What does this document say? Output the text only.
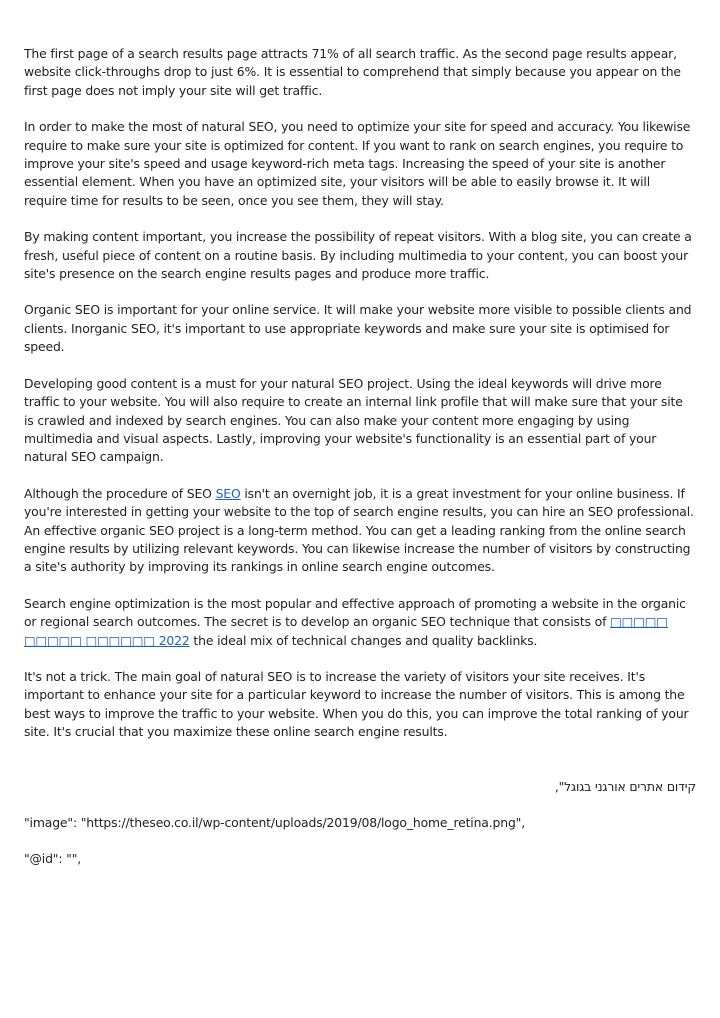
The first page of a search results page attracts 71% of all search traffic. As the second page results appear, website click-throughs drop to just 6%. It is essential to comprehend that simply because you appear on the first page does not imply your site will get traffic.

In order to make the most of natural SEO, you need to optimize your site for speed and accuracy. You likewise require to make sure your site is optimized for content. If you want to rank on search engines, you require to improve your site's speed and usage keyword-rich meta tags. Increasing the speed of your site is another essential element. When you have an optimized site, your visitors will be able to easily browse it. It will require time for results to be seen, once you see them, they will stay.

By making content important, you increase the possibility of repeat visitors. With a blog site, you can create a fresh, useful piece of content on a routine basis. By including multimedia to your content, you can boost your site's presence on the search engine results pages and produce more traffic.

Organic SEO is important for your online service. It will make your website more visible to possible clients and clients. Inorganic SEO, it's important to use appropriate keywords and make sure your site is optimised for speed.

Developing good content is a must for your natural SEO project. Using the ideal keywords will drive more traffic to your website. You will also require to create an internal link profile that will make sure that your site is crawled and indexed by search engines. You can also make your content more engaging by using multimedia and visual aspects. Lastly, improving your website's functionality is an essential part of your natural SEO campaign.

Although the procedure of SEO SEO isn't an overnight job, it is a great investment for your online business. If you're interested in getting your website to the top of search engine results, you can hire an SEO professional. An effective organic SEO project is a long-term method. You can get a leading ranking from the online search engine results by utilizing relevant keywords. You can likewise increase the number of visitors by constructing a site's authority by improving its rankings in online search engine outcomes.

Search engine optimization is the most popular and effective approach of promoting a website in the organic or regional search outcomes. The secret is to develop an organic SEO technique that consists of □□□□□ □□□□□ □□□□□□ 2022 the ideal mix of technical changes and quality backlinks.

It's not a trick. The main goal of natural SEO is to increase the variety of visitors your site receives. It's important to enhance your site for a particular keyword to increase the number of visitors. This is among the best ways to improve the traffic to your website. When you do this, you can improve the total ranking of your site. It's crucial that you maximize these online search engine results.

קידום אתרים אורגני בגוגל",

"image": "https://theseo.co.il/wp-content/uploads/2019/08/logo_home_retina.png",

"@id": "",
